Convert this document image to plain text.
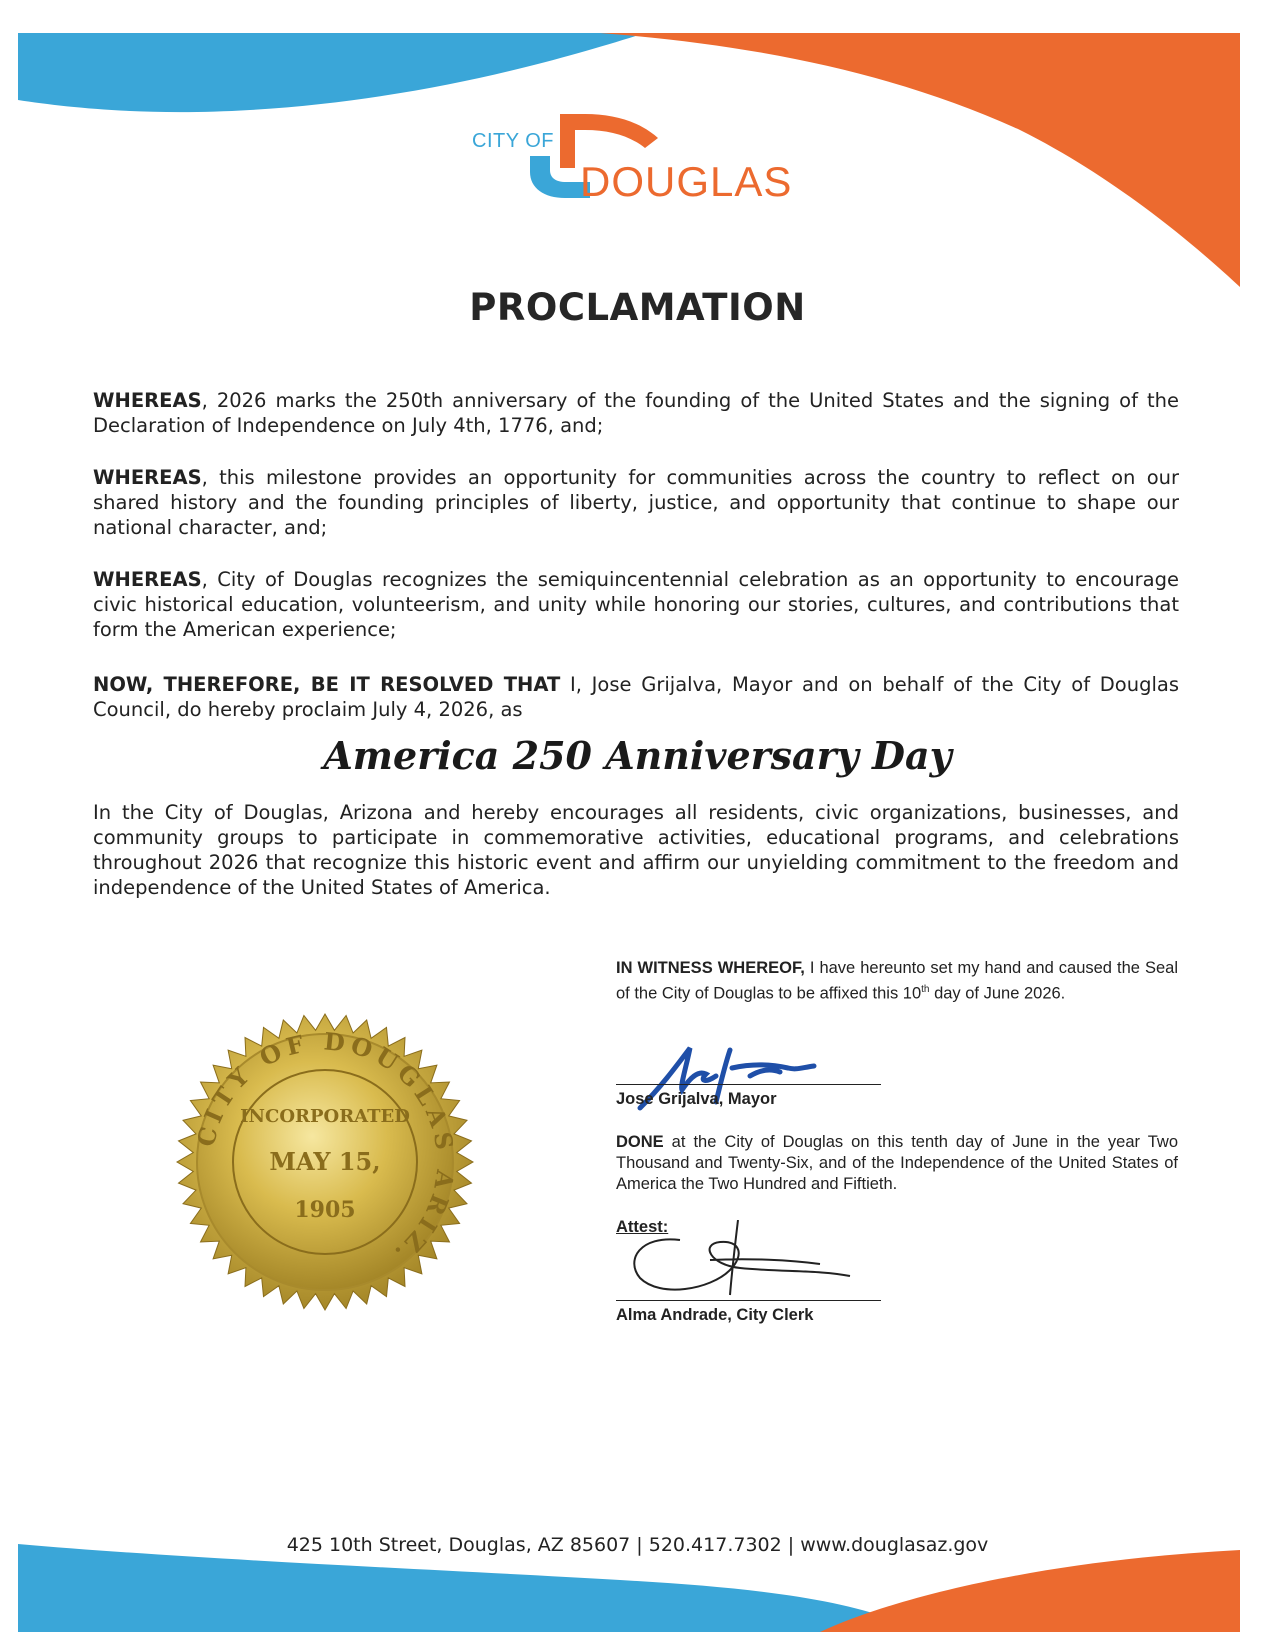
CITY OF
DOUGLAS
PROCLAMATION

WHEREAS, 2026 marks the 250th anniversary of the founding of the United States and the signing of the Declaration of Independence on July 4th, 1776, and;

WHEREAS, this milestone provides an opportunity for communities across the country to reflect on our shared history and the founding principles of liberty, justice, and opportunity that continue to shape our national character, and;

WHEREAS, City of Douglas recognizes the semiquincentennial celebration as an opportunity to encourage civic historical education, volunteerism, and unity while honoring our stories, cultures, and contributions that form the American experience;

NOW, THEREFORE, BE IT RESOLVED THAT I, Jose Grijalva, Mayor and on behalf of the City of Douglas Council, do hereby proclaim July 4, 2026, as

America 250 Anniversary Day

In the City of Douglas, Arizona and hereby encourages all residents, civic organizations, businesses, and community groups to participate in commemorative activities, educational programs, and celebrations throughout 2026 that recognize this historic event and affirm our unyielding commitment to the freedom and independence of the United States of America.

CITY OF DOUGLAS ARIZ.
INCORPORATED
MAY 15,
1905

IN WITNESS WHEREOF, I have hereunto set my hand and caused the Seal of the City of Douglas to be affixed this 10th day of June 2026.

Jose Grijalva, Mayor

DONE at the City of Douglas on this tenth day of June in the year Two Thousand and Twenty-Six, and of the Independence of the United States of America the Two Hundred and Fiftieth.

Attest:
Alma Andrade, City Clerk
425 10th Street, Douglas, AZ 85607 | 520.417.7302 | www.douglasaz.gov
